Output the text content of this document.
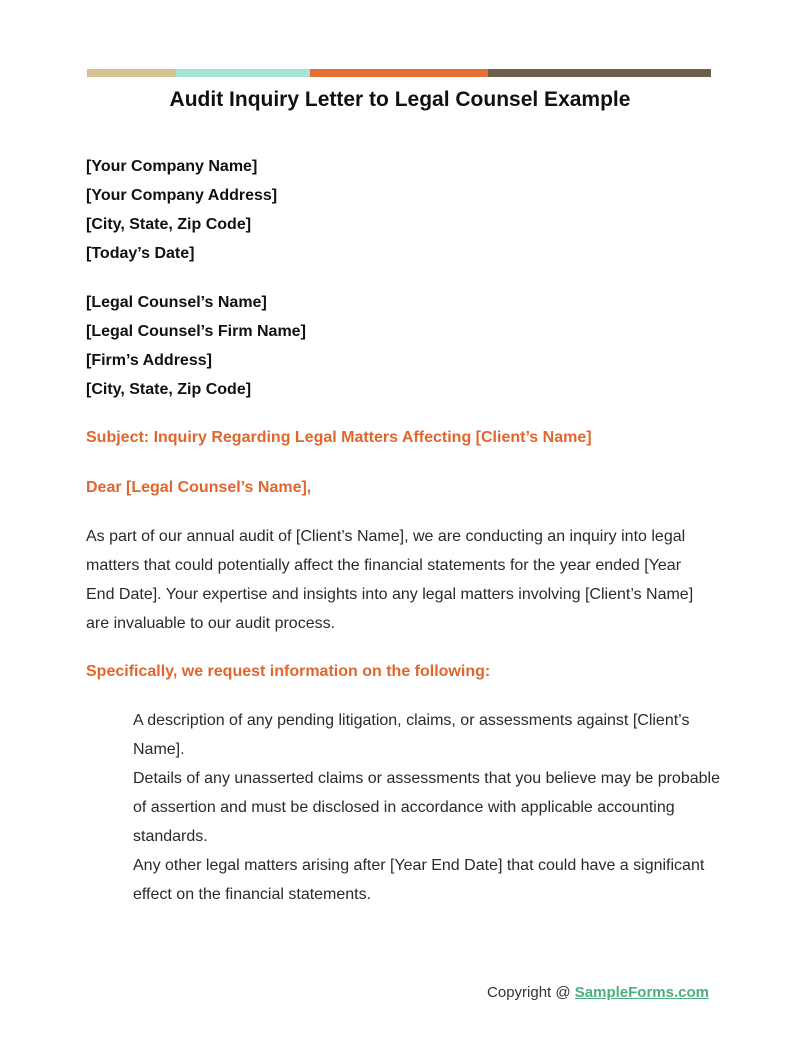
Audit Inquiry Letter to Legal Counsel Example
[Your Company Name]
[Your Company Address]
[City, State, Zip Code]
[Today’s Date]
[Legal Counsel’s Name]
[Legal Counsel’s Firm Name]
[Firm’s Address]
[City, State, Zip Code]
Subject: Inquiry Regarding Legal Matters Affecting [Client’s Name]
Dear [Legal Counsel’s Name],
As part of our annual audit of [Client’s Name], we are conducting an inquiry into legal matters that could potentially affect the financial statements for the year ended [Year End Date]. Your expertise and insights into any legal matters involving [Client’s Name] are invaluable to our audit process.
Specifically, we request information on the following:
A description of any pending litigation, claims, or assessments against [Client’s Name].
Details of any unasserted claims or assessments that you believe may be probable of assertion and must be disclosed in accordance with applicable accounting standards.
Any other legal matters arising after [Year End Date] that could have a significant effect on the financial statements.
Copyright @ SampleForms.com
